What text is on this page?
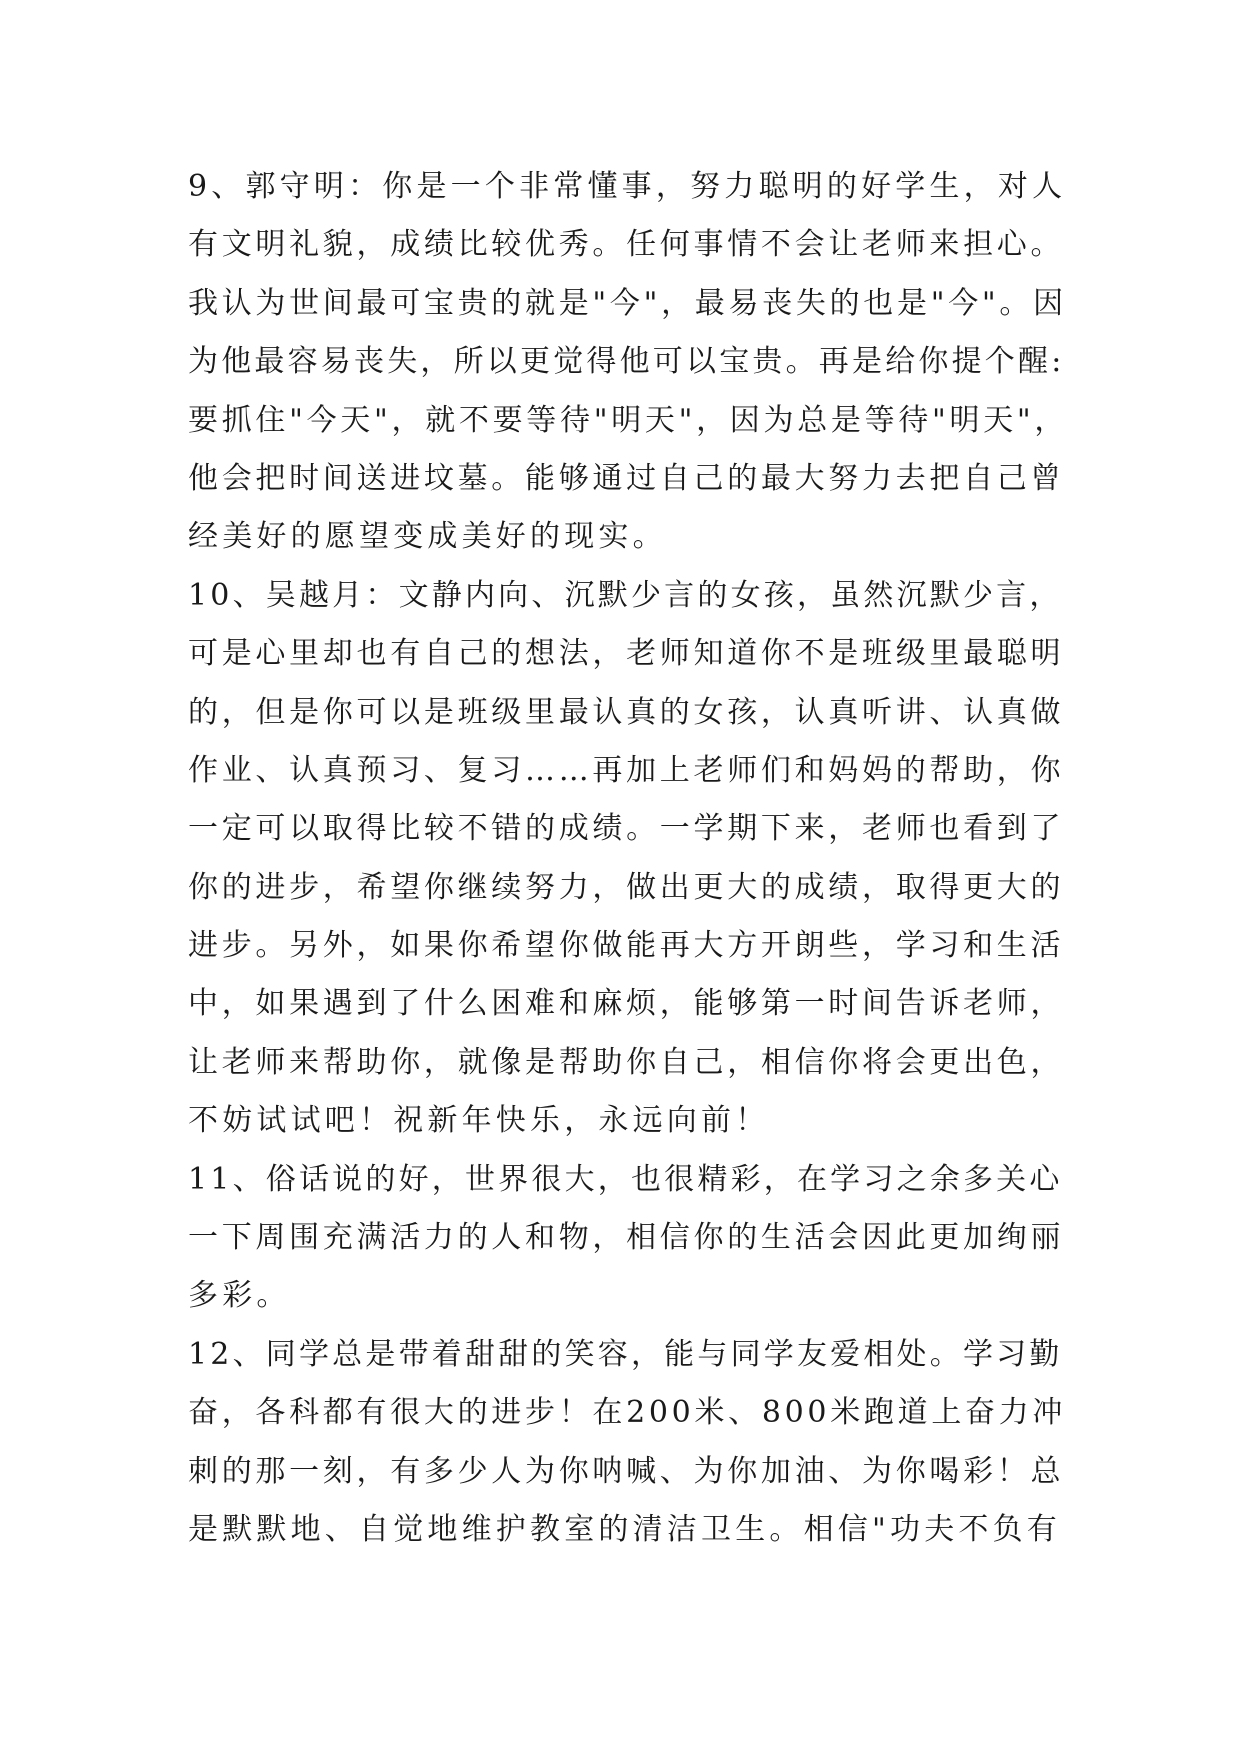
9、郭守明：你是一个非常懂事，努力聪明的好学生，对人
有文明礼貌，成绩比较优秀。任何事情不会让老师来担心。
我认为世间最可宝贵的就是"今"，最易丧失的也是"今"。因
为他最容易丧失，所以更觉得他可以宝贵。再是给你提个醒:
要抓住"今天"，就不要等待"明天"，因为总是等待"明天"，
他会把时间送进坟墓。能够通过自己的最大努力去把自己曾
经美好的愿望变成美好的现实。
10、吴越月：文静内向、沉默少言的女孩，虽然沉默少言，
可是心里却也有自己的想法，老师知道你不是班级里最聪明
的，但是你可以是班级里最认真的女孩，认真听讲、认真做
作业、认真预习、复习……再加上老师们和妈妈的帮助，你
一定可以取得比较不错的成绩。一学期下来，老师也看到了
你的进步，希望你继续努力，做出更大的成绩，取得更大的
进步。另外，如果你希望你做能再大方开朗些，学习和生活
中，如果遇到了什么困难和麻烦，能够第一时间告诉老师，
让老师来帮助你，就像是帮助你自己，相信你将会更出色，
不妨试试吧！祝新年快乐，永远向前！
11、俗话说的好，世界很大，也很精彩，在学习之余多关心
一下周围充满活力的人和物，相信你的生活会因此更加绚丽
多彩。
12、同学总是带着甜甜的笑容，能与同学友爱相处。学习勤
奋，各科都有很大的进步！在200米、800米跑道上奋力冲
刺的那一刻，有多少人为你呐喊、为你加油、为你喝彩！总
是默默地、自觉地维护教室的清洁卫生。相信"功夫不负有
